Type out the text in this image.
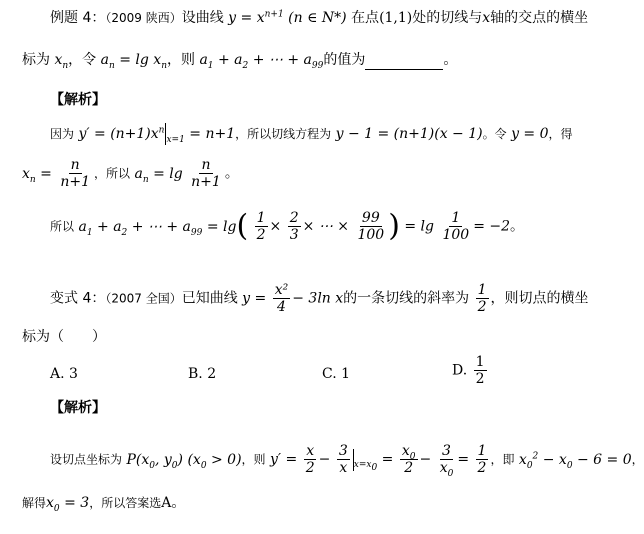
例题 4：（2009 陕西）设曲线 $y = x^{n+1}$ (n ∈ N*) 在点(1,1)处的切线与x轴的交点的横坐
标为 $x_n$，令 $a_n = \lg x_n$，则 $a_1 + a_2$ + ⋯ + $a_{99}$的值为	。
【解析】
因为 $y' = (n+1)x^n_{x=1} = n+1$，所以切线方程为 y − 1 = (n+1)(x − 1)。令 y = 0，得
$x_n = \frac{n}{n+1}$ ，所以 $a_n = \lg \frac{n}{n+1}$ 。
所以 $a_1 + a_2$ + ⋯ + $a_{99} = \lg( \frac{1}{2} \times \frac{2}{3}$ × ⋯ × $\frac{99}{100}$ ) = $\lg \frac{1}{100} = -2$。
变式 4：（2007 全国）已知曲线 $y = \frac{\text{x²}}{4} - 3\ln$ x的一条切线的斜率为 $\frac{1}{2}$ ，则切点的横坐
标为（　　）
A. 3	B. 2	C. 1	D. $\frac{1}{2}$
【解析】
设切点坐标为 $P(x_0$, $y_0$) $(x_0 > 0)$，则 $y' = \frac{x}{2} - \frac{3}{x} _{x=x_0} = \frac{x_0}{2} - \frac{3}{x_0} = \frac{1}{2}$ ，即 $x_0^2 - x_0 - 6 = 0$，
解得$x_0 = 3$，所以答案选A。
